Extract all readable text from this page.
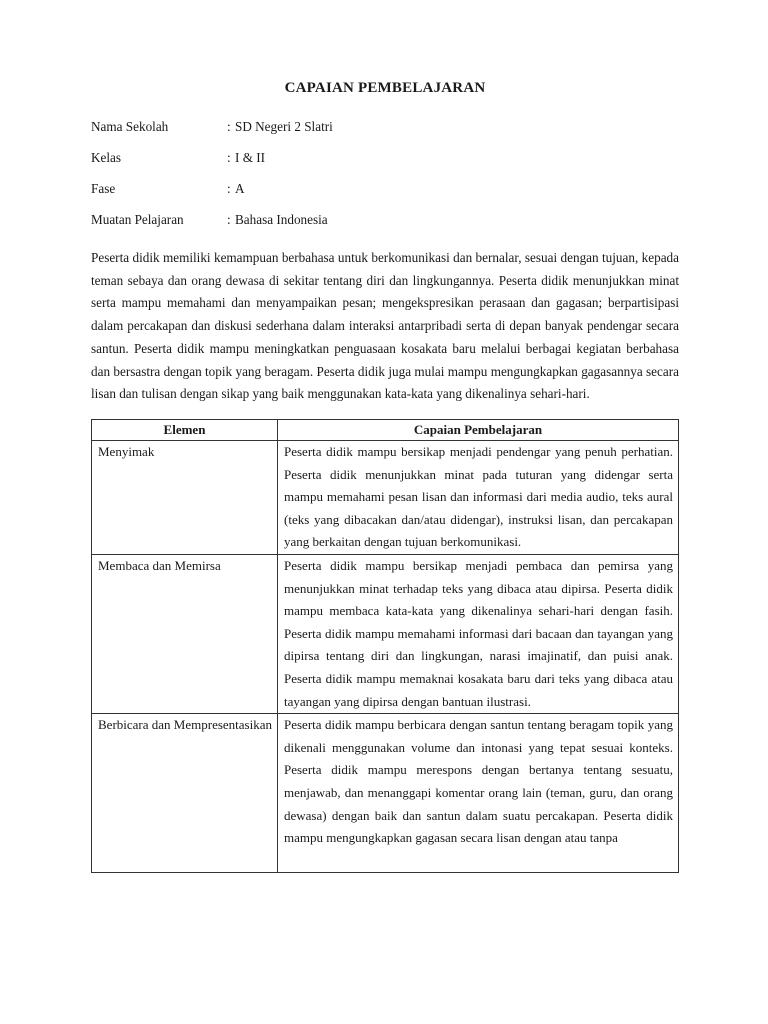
CAPAIAN PEMBELAJARAN
Nama Sekolah	: SD Negeri 2 Slatri
Kelas	: I & II
Fase	: A
Muatan Pelajaran	: Bahasa Indonesia

Peserta didik memiliki kemampuan berbahasa untuk berkomunikasi dan bernalar, sesuai dengan tujuan, kepada teman sebaya dan orang dewasa di sekitar tentang diri dan lingkungannya. Peserta didik menunjukkan minat serta mampu memahami dan menyampaikan pesan; mengekspresikan perasaan dan gagasan; berpartisipasi dalam percakapan dan diskusi sederhana dalam interaksi antarpribadi serta di depan banyak pendengar secara santun. Peserta didik mampu meningkatkan penguasaan kosakata baru melalui berbagai kegiatan berbahasa dan bersastra dengan topik yang beragam. Peserta didik juga mulai mampu mengungkapkan gagasannya secara lisan dan tulisan dengan sikap yang baik menggunakan kata-kata yang dikenalinya sehari-hari.

Elemen	Capaian Pembelajaran
Menyimak	Peserta didik mampu bersikap menjadi pendengar yang penuh perhatian. Peserta didik menunjukkan minat pada tuturan yang didengar serta mampu memahami pesan lisan dan informasi dari media audio, teks aural (teks yang dibacakan dan/atau didengar), instruksi lisan, dan percakapan yang berkaitan dengan tujuan berkomunikasi.
Membaca dan Memirsa	Peserta didik mampu bersikap menjadi pembaca dan pemirsa yang menunjukkan minat terhadap teks yang dibaca atau dipirsa. Peserta didik mampu membaca kata-kata yang dikenalinya sehari-hari dengan fasih. Peserta didik mampu memahami informasi dari bacaan dan tayangan yang dipirsa tentang diri dan lingkungan, narasi imajinatif, dan puisi anak. Peserta didik mampu memaknai kosakata baru dari teks yang dibaca atau tayangan yang dipirsa dengan bantuan ilustrasi.

Berbicara dan Mempresentasikan	Peserta didik mampu berbicara dengan santun tentang beragam topik yang dikenali menggunakan volume dan intonasi yang tepat sesuai konteks. Peserta didik mampu merespons dengan bertanya tentang sesuatu, menjawab, dan menanggapi komentar orang lain (teman, guru, dan orang dewasa) dengan baik dan santun dalam suatu percakapan. Peserta didik mampu mengungkapkan gagasan secara lisan dengan atau tanpa
